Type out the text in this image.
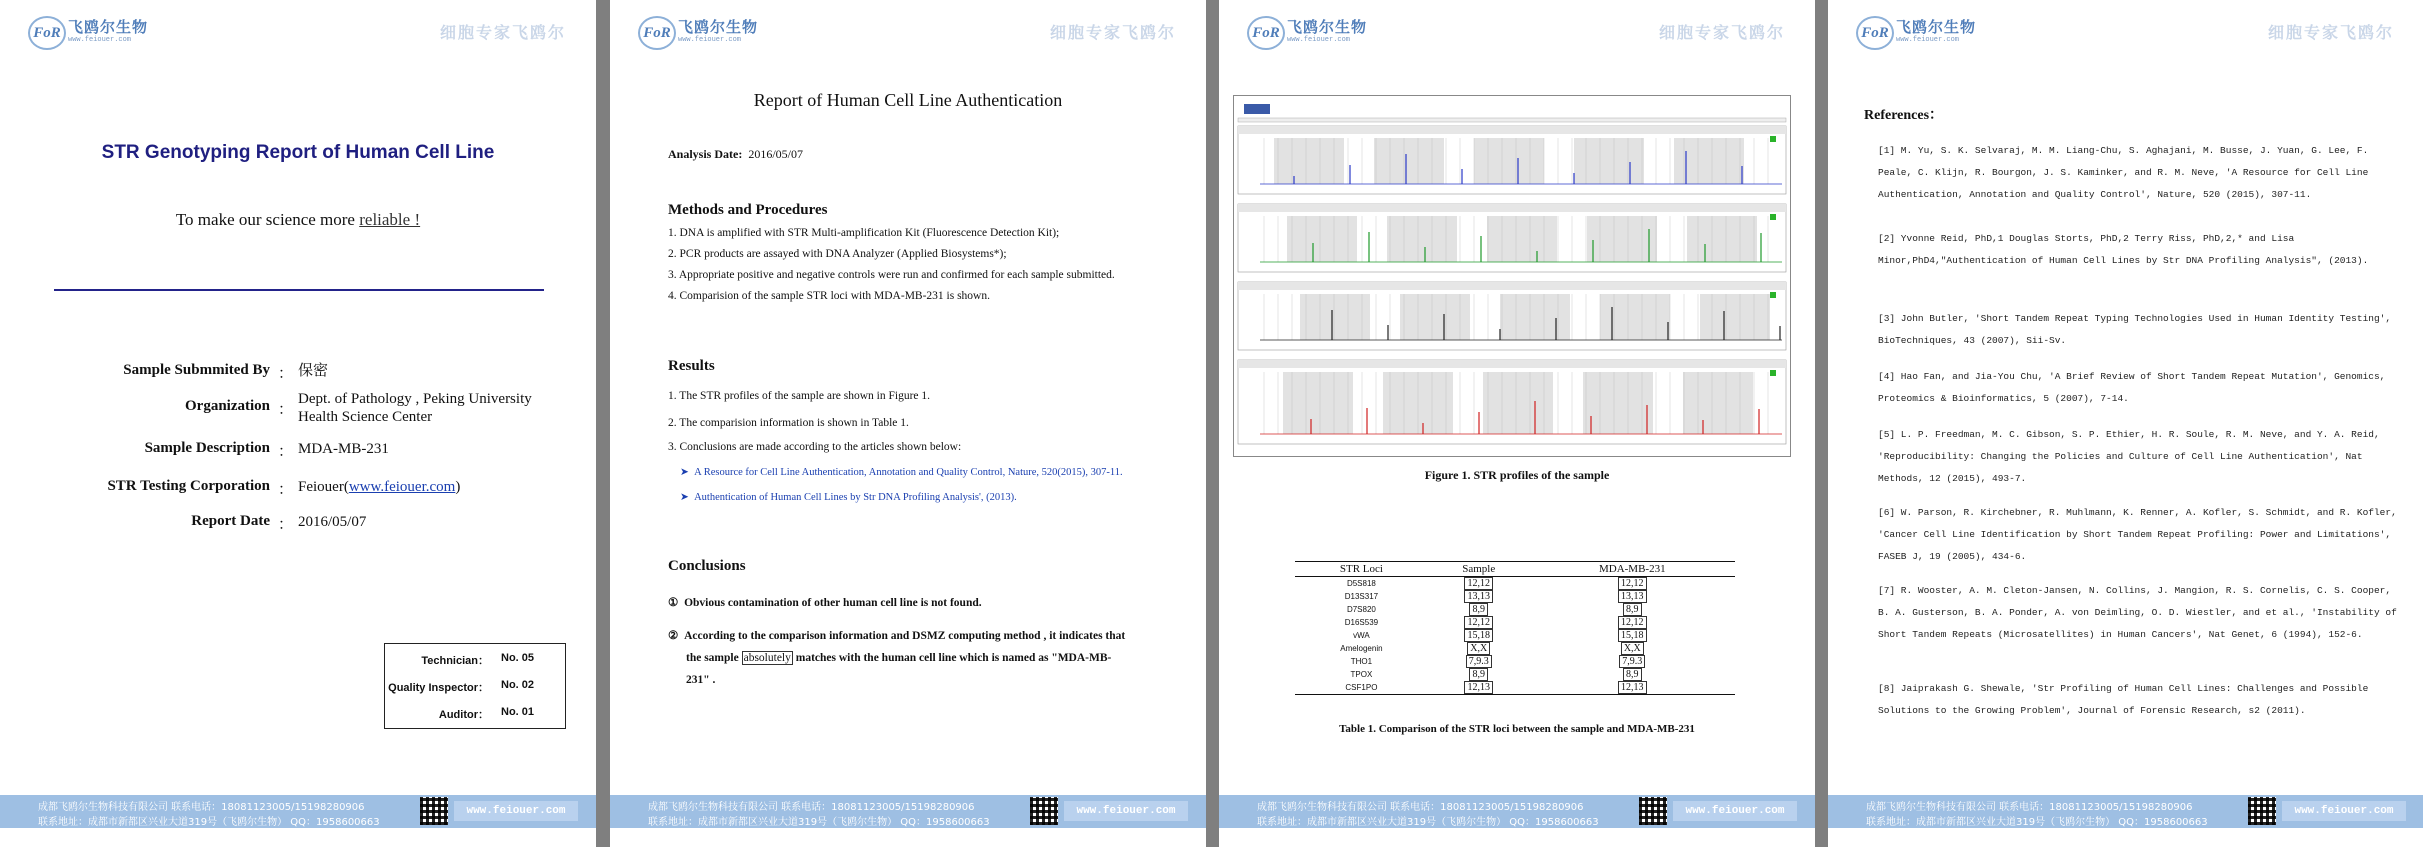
FoR 飞鸥尔生物
www.feiouer.com	细胞专家飞鸥尔
STR Genotyping Report of Human Cell Line
To make our science more reliable !
Sample Submmited By ： 保密
Organization ：
Dept. of Pathology , Peking University Health Science Center
Sample Description ： MDA-MB-231
STR Testing Corporation ： Feiouer(www.feiouer.com)
Report Date ： 2016/05/07
Technician： No. 05
Quality Inspector： No. 02
Auditor： No. 01
成都飞鸥尔生物科技有限公司 联系电话：18081123005/15198280906
联系地址：成都市新都区兴业大道319号（飞鸥尔生物） QQ：1958600663
www.feiouer.com
FoR 飞鸥尔生物
www.feiouer.com	细胞专家飞鸥尔
Report of Human Cell Line Authentication
Analysis Date: 2016/05/07
Methods and Procedures
1. DNA is amplified with STR Multi-amplification Kit (Fluorescence Detection Kit);
2. PCR products are assayed with DNA Analyzer (Applied Biosystems*);
3. Appropriate positive and negative controls were run and confirmed for each sample submitted.
4. Comparision of the sample STR loci with MDA-MB-231 is shown.
Results
1. The STR profiles of the sample are shown in Figure 1.
2. The comparision information is shown in Table 1.
3. Conclusions are made according to the articles shown below:
➤  A Resource for Cell Line Authentication, Annotation and Quality Control, Nature, 520(2015), 307-11.
➤  Authentication of Human Cell Lines by Str DNA Profiling Analysis', (2013).
Conclusions
①  Obvious contamination of other human cell line is not found.
②  According to the comparison information and DSMZ computing method , it indicates that
the sample absolutely matches with the human cell line which is named as "MDA-MB-
231" .
成都飞鸥尔生物科技有限公司 联系电话：18081123005/15198280906
联系地址：成都市新都区兴业大道319号（飞鸥尔生物） QQ：1958600663
www.feiouer.com
FoR 飞鸥尔生物
www.feiouer.com	细胞专家飞鸥尔
Figure 1. STR profiles of the sample
STR Loci	Sample	MDA-MB-231
D5S818	12,12	12,12
D13S317	13,13	13,13
D7S820	8,9	8,9
D16S539	12,12	12,12
vWA	15,18	15,18
Amelogenin	X,X	X,X
THO1	7,9.3	7,9.3
TPOX	8,9	8,9
CSF1PO	12,13	12,13
Table 1. Comparison of the STR loci between the sample and MDA-MB-231
成都飞鸥尔生物科技有限公司 联系电话：18081123005/15198280906
联系地址：成都市新都区兴业大道319号（飞鸥尔生物） QQ：1958600663
www.feiouer.com
FoR 飞鸥尔生物
www.feiouer.com	细胞专家飞鸥尔
References：
[1] M. Yu, S. K. Selvaraj, M. M. Liang-Chu, S. Aghajani, M. Busse, J. Yuan, G. Lee, F. Peale, C. Klijn, R. Bourgon, J. S. Kaminker, and R. M. Neve, 'A Resource for Cell Line Authentication, Annotation and Quality Control', Nature, 520 (2015), 307-11.
[2] Yvonne Reid, PhD,1 Douglas Storts, PhD,2 Terry Riss, PhD,2,* and Lisa Minor,PhD4,"Authentication of Human Cell Lines by Str DNA Profiling Analysis", (2013).
[3] John Butler, 'Short Tandem Repeat Typing Technologies Used in Human Identity Testing', BioTechniques, 43 (2007), Sii-Sv.
[4] Hao Fan, and Jia-You Chu, 'A Brief Review of Short Tandem Repeat Mutation', Genomics, Proteomics & Bioinformatics, 5 (2007), 7-14.
[5] L. P. Freedman, M. C. Gibson, S. P. Ethier, H. R. Soule, R. M. Neve, and Y. A. Reid, 'Reproducibility: Changing the Policies and Culture of Cell Line Authentication', Nat Methods, 12 (2015), 493-7.
[6] W. Parson, R. Kirchebner, R. Muhlmann, K. Renner, A. Kofler, S. Schmidt, and R. Kofler, 'Cancer Cell Line Identification by Short Tandem Repeat Profiling: Power and Limitations', FASEB J, 19 (2005), 434-6.
[7] R. Wooster, A. M. Cleton-Jansen, N. Collins, J. Mangion, R. S. Cornelis, C. S. Cooper, B. A. Gusterson, B. A. Ponder, A. von Deimling, O. D. Wiestler, and et al., 'Instability of Short Tandem Repeats (Microsatellites) in Human Cancers', Nat Genet, 6 (1994), 152-6.
[8] Jaiprakash G. Shewale, 'Str Profiling of Human Cell Lines: Challenges and Possible Solutions to the Growing Problem', Journal of Forensic Research, s2 (2011).
成都飞鸥尔生物科技有限公司 联系电话：18081123005/15198280906
联系地址：成都市新都区兴业大道319号（飞鸥尔生物） QQ：1958600663
www.feiouer.com
